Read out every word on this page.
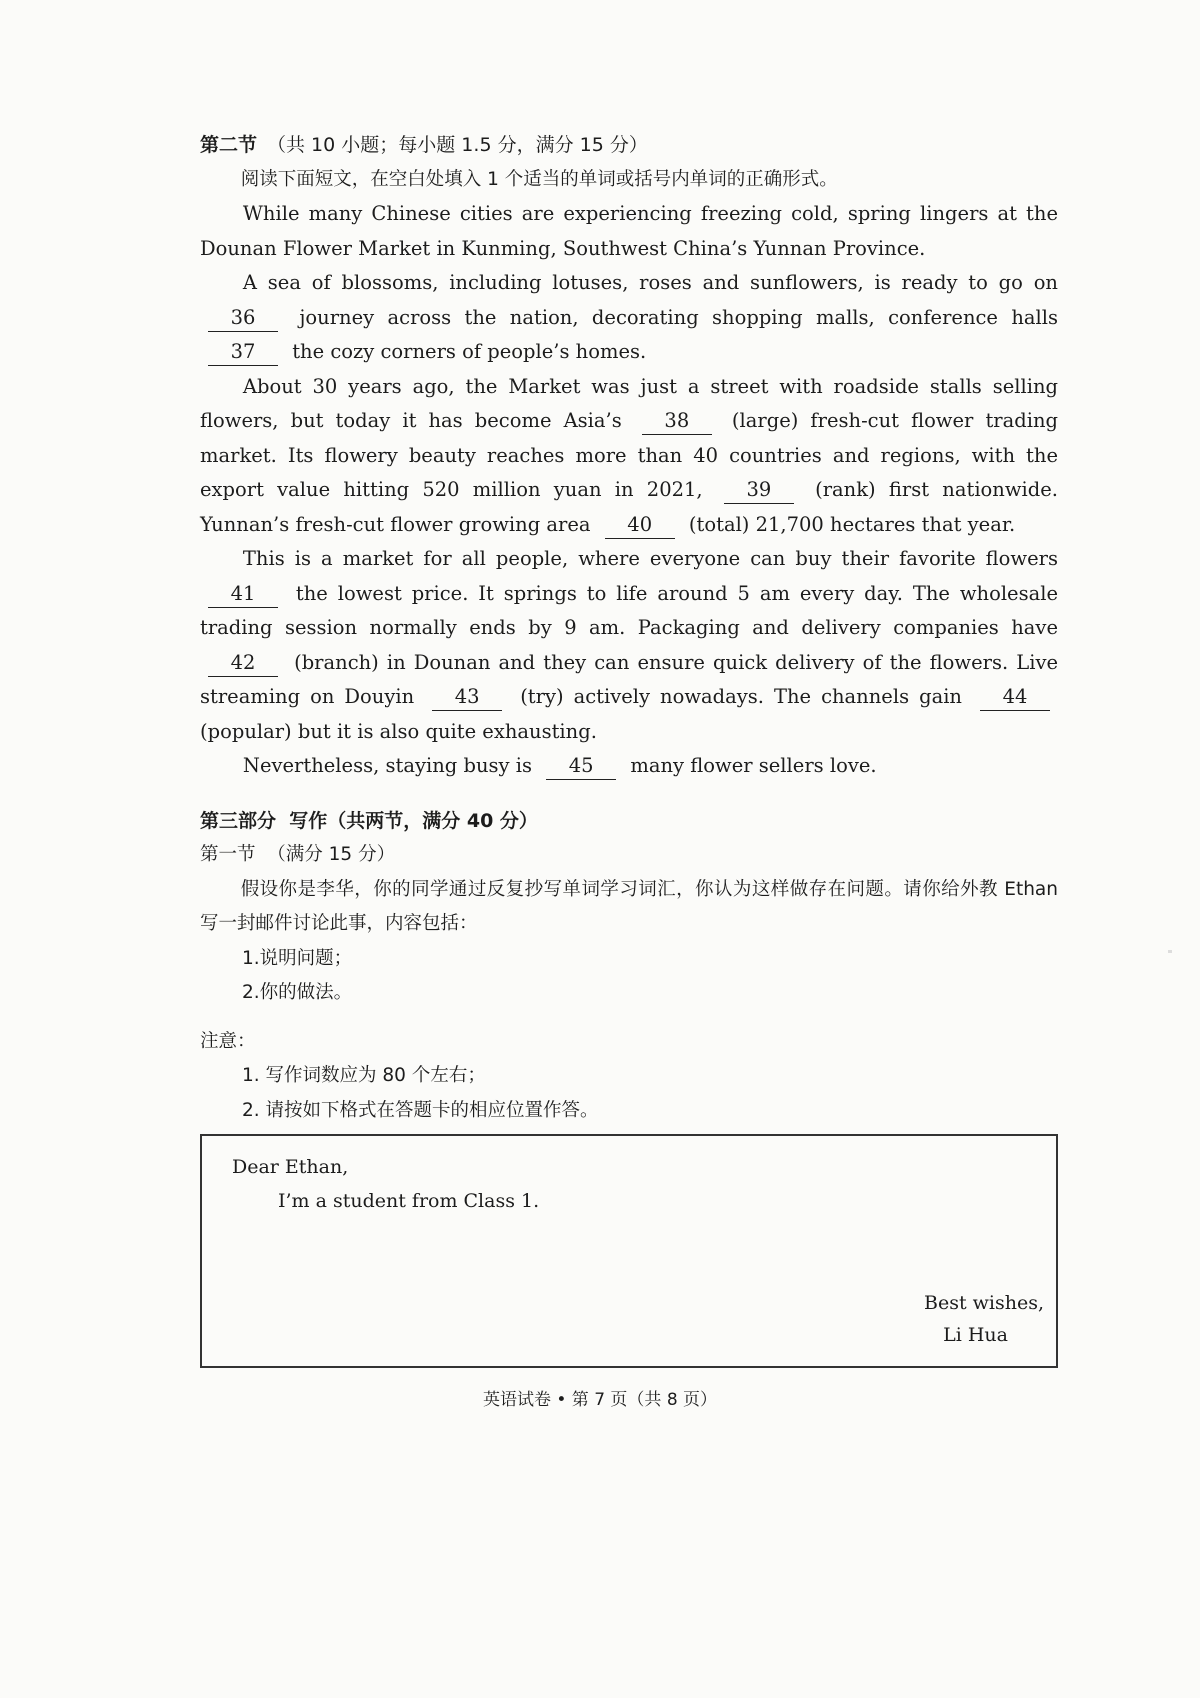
第二节 （共 10 小题；每小题 1.5 分，满分 15 分）

阅读下面短文，在空白处填入 1 个适当的单词或括号内单词的正确形式。

While many Chinese cities are experiencing freezing cold, spring lingers at the Dounan Flower Market in Kunming, Southwest China’s Yunnan Province.

A sea of blossoms, including lotuses, roses and sunflowers, is ready to go on 36 journey across the nation, decorating shopping malls, conference halls 37 the cozy corners of people’s homes.

About 30 years ago, the Market was just a street with roadside stalls selling flowers, but today it has become Asia’s 38 (large) fresh-cut flower trading market. Its flowery beauty reaches more than 40 countries and regions, with the export value hitting 520 million yuan in 2021, 39 (rank) first nationwide. Yunnan’s fresh-cut flower growing area 40 (total) 21,700 hectares that year.

This is a market for all people, where everyone can buy their favorite flowers 41 the lowest price. It springs to life around 5 am every day. The wholesale trading session normally ends by 9 am. Packaging and delivery companies have 42 (branch) in Dounan and they can ensure quick delivery of the flowers. Live streaming on Douyin 43 (try) actively nowadays. The channels gain 44 (popular) but it is also quite exhausting.

Nevertheless, staying busy is 45 many flower sellers love.

第三部分 写作（共两节，满分 40 分）
第一节 （满分 15 分）

假设你是李华，你的同学通过反复抄写单词学习词汇，你认为这样做存在问题。请你给外教 Ethan 写一封邮件讨论此事，内容包括：

1.说明问题；
2.你的做法。
注意：
1. 写作词数应为 80 个左右；
2. 请按如下格式在答题卡的相应位置作答。
Dear Ethan,
I’m a student from Class 1.
Best wishes,
Li Hua
英语试卷 • 第 7 页（共 8 页）
